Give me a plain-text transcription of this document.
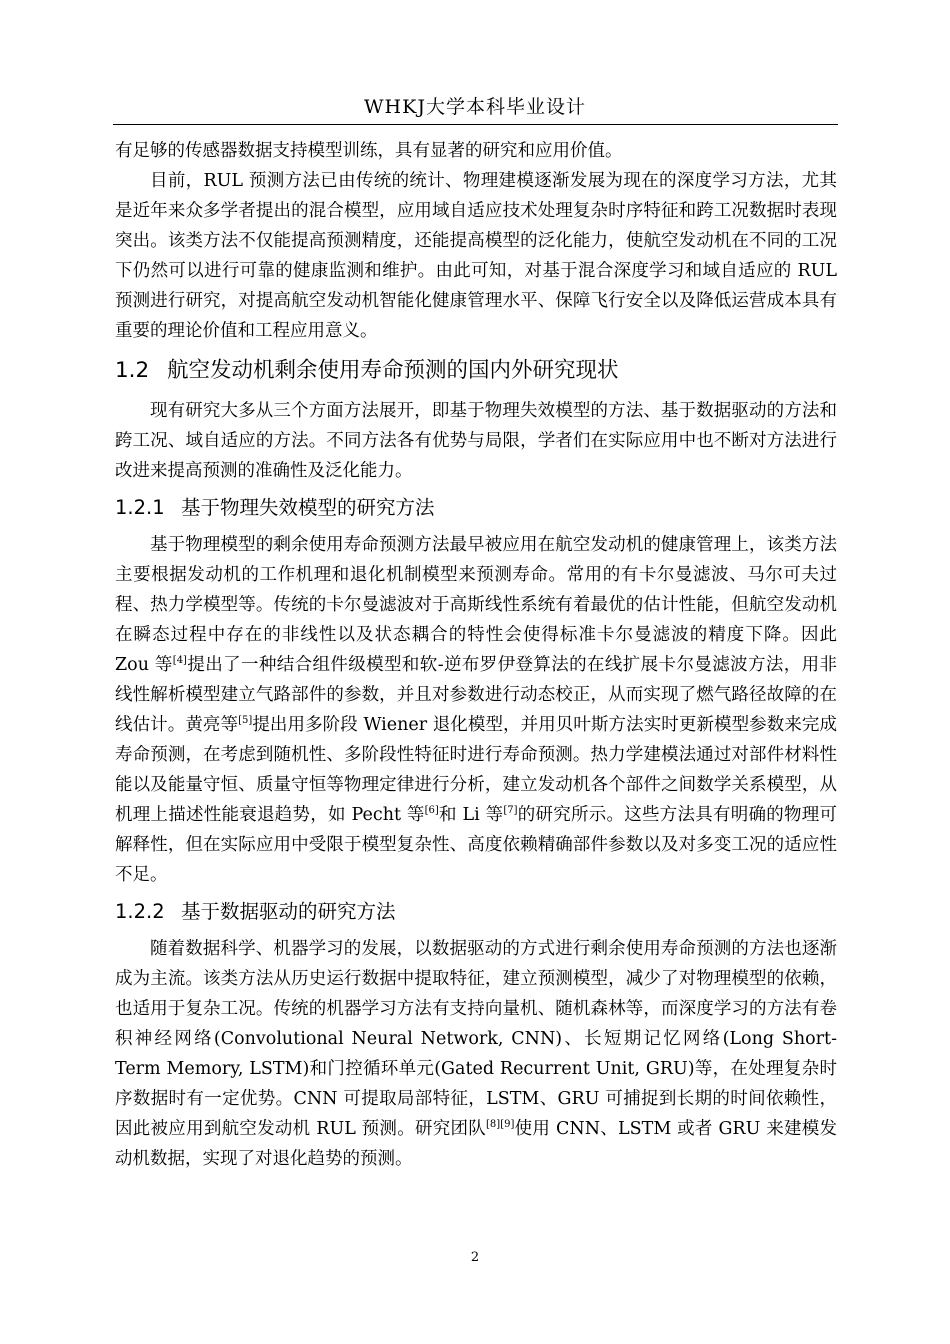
WHKJ大学本科毕业设计

有足够的传感器数据支持模型训练，具有显著的研究和应用价值。

目前，RUL 预测方法已由传统的统计、物理建模逐渐发展为现在的深度学习方法，尤其是近年来众多学者提出的混合模型，应用域自适应技术处理复杂时序特征和跨工况数据时表现突出。该类方法不仅能提高预测精度，还能提高模型的泛化能力，使航空发动机在不同的工况下仍然可以进行可靠的健康监测和维护。由此可知，对基于混合深度学习和域自适应的 RUL 预测进行研究，对提高航空发动机智能化健康管理水平、保障飞行安全以及降低运营成本具有重要的理论价值和工程应用意义。

1.2 航空发动机剩余使用寿命预测的国内外研究现状

现有研究大多从三个方面方法展开，即基于物理失效模型的方法、基于数据驱动的方法和跨工况、域自适应的方法。不同方法各有优势与局限，学者们在实际应用中也不断对方法进行改进来提高预测的准确性及泛化能力。

1.2.1 基于物理失效模型的研究方法

基于物理模型的剩余使用寿命预测方法最早被应用在航空发动机的健康管理上，该类方法主要根据发动机的工作机理和退化机制模型来预测寿命。常用的有卡尔曼滤波、马尔可夫过程、热力学模型等。传统的卡尔曼滤波对于高斯线性系统有着最优的估计性能，但航空发动机在瞬态过程中存在的非线性以及状态耦合的特性会使得标准卡尔曼滤波的精度下降。因此 Zou 等[4]提出了一种结合组件级模型和软-逆布罗伊登算法的在线扩展卡尔曼滤波方法，用非线性解析模型建立气路部件的参数，并且对参数进行动态校正，从而实现了燃气路径故障的在线估计。黄亮等[5]提出用多阶段 Wiener 退化模型，并用贝叶斯方法实时更新模型参数来完成寿命预测，在考虑到随机性、多阶段性特征时进行寿命预测。热力学建模法通过对部件材料性能以及能量守恒、质量守恒等物理定律进行分析，建立发动机各个部件之间数学关系模型，从机理上描述性能衰退趋势，如 Pecht 等[6]和 Li 等[7]的研究所示。这些方法具有明确的物理可解释性，但在实际应用中受限于模型复杂性、高度依赖精确部件参数以及对多变工况的适应性不足。

1.2.2 基于数据驱动的研究方法

随着数据科学、机器学习的发展，以数据驱动的方式进行剩余使用寿命预测的方法也逐渐成为主流。该类方法从历史运行数据中提取特征，建立预测模型，减少了对物理模型的依赖，也适用于复杂工况。传统的机器学习方法有支持向量机、随机森林等，而深度学习的方法有卷积神经网络(Convolutional Neural Network, CNN)、长短期记忆网络(Long Short-Term Memory, LSTM)和门控循环单元(Gated Recurrent Unit, GRU)等，在处理复杂时序数据时有一定优势。CNN 可提取局部特征，LSTM、GRU 可捕捉到长期的时间依赖性，因此被应用到航空发动机 RUL 预测。研究团队[8][9]使用 CNN、LSTM 或者 GRU 来建模发动机数据，实现了对退化趋势的预测。

2
